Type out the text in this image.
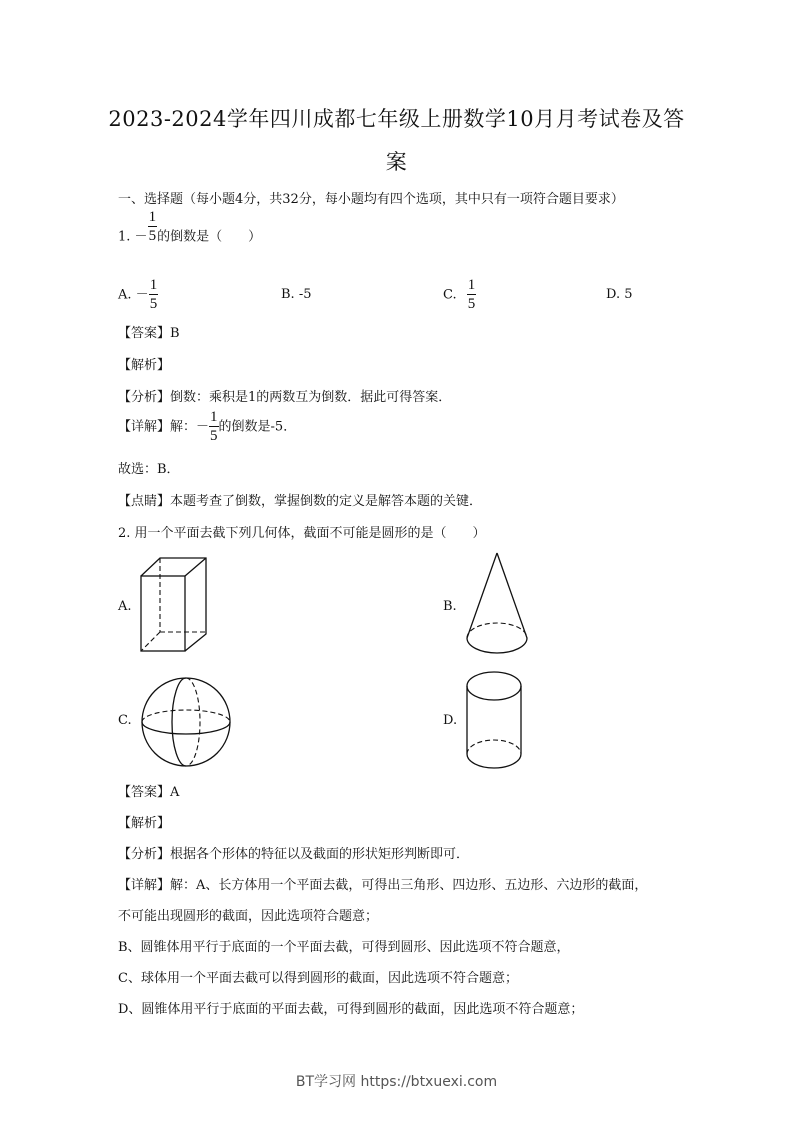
2023-2024学年四川成都七年级上册数学10月月考试卷及答
案
一、选择题（每小题4分，共32分，每小题均有四个选项，其中只有一项符合题目要求）
1. － $\frac{1}{5}$ 的倒数是（　　）
A. － $\frac{1}{5}$	B. -5	C. $\frac{1}{5}$	D. 5
【答案】B
【解析】
【分析】倒数：乘积是1的两数互为倒数．据此可得答案．
【详解】解：－ $\frac{1}{5}$ 的倒数是-5．
故选：B．
【点睛】本题考查了倒数，掌握倒数的定义是解答本题的关键．
2. 用一个平面去截下列几何体，截面不可能是圆形的是（　　）
A.	B.
C.	D.
【答案】A
【解析】
【分析】根据各个形体的特征以及截面的形状矩形判断即可．
【详解】解：A、长方体用一个平面去截，可得出三角形、四边形、五边形、六边形的截面，
不可能出现圆形的截面，因此选项符合题意；
B、圆锥体用平行于底面的一个平面去截，可得到圆形、因此选项不符合题意，
C、球体用一个平面去截可以得到圆形的截面，因此选项不符合题意；
D、圆锥体用平行于底面的平面去截，可得到圆形的截面，因此选项不符合题意；
BT学习网 https://btxuexi.com
